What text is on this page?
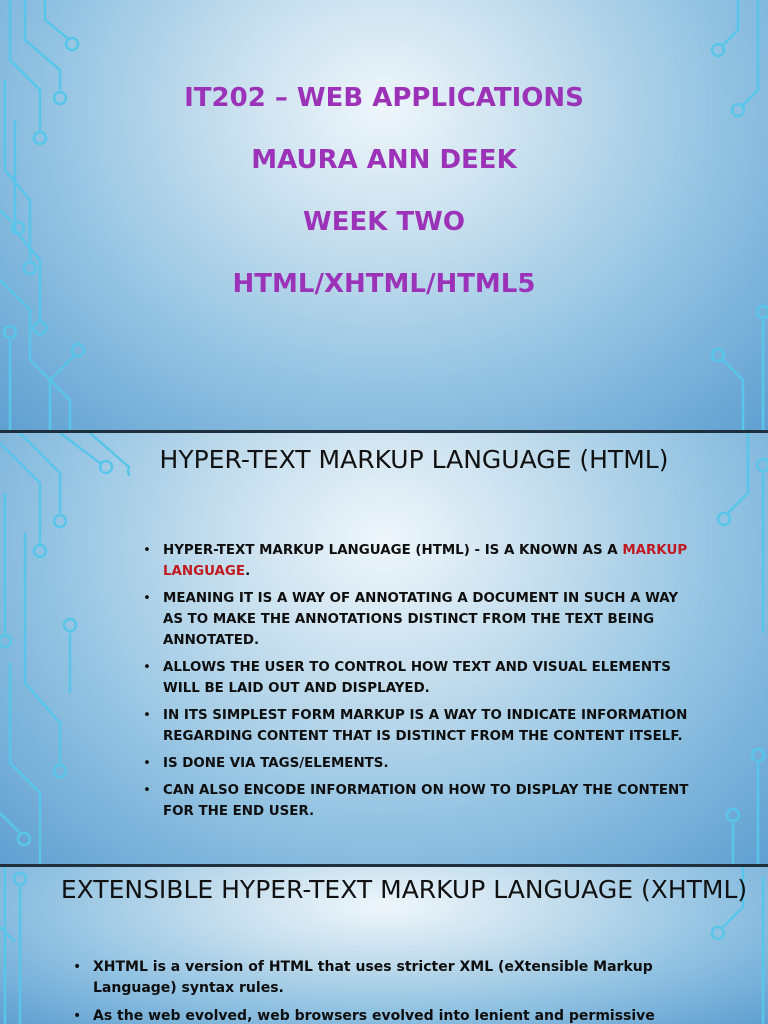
IT202 – WEB APPLICATIONS
MAURA ANN DEEK
WEEK TWO
HTML/XHTML/HTML5
HYPER-TEXT MARKUP LANGUAGE (HTML)
• HYPER-TEXT MARKUP LANGUAGE (HTML) - IS A KNOWN AS A MARKUP LANGUAGE.
• MEANING IT IS A WAY OF ANNOTATING A DOCUMENT IN SUCH A WAY AS TO MAKE THE ANNOTATIONS DISTINCT FROM THE TEXT BEING ANNOTATED.
• ALLOWS THE USER TO CONTROL HOW TEXT AND VISUAL ELEMENTS WILL BE LAID OUT AND DISPLAYED.
• IN ITS SIMPLEST FORM MARKUP IS A WAY TO INDICATE INFORMATION REGARDING CONTENT THAT IS DISTINCT FROM THE CONTENT ITSELF.
• IS DONE VIA TAGS/ELEMENTS.
• CAN ALSO ENCODE INFORMATION ON HOW TO DISPLAY THE CONTENT FOR THE END USER.
EXTENSIBLE HYPER-TEXT MARKUP LANGUAGE (XHTML)
• XHTML is a version of HTML that uses stricter XML (eXtensible Markup Language) syntax rules.
• As the web evolved, web browsers evolved into lenient and permissive
